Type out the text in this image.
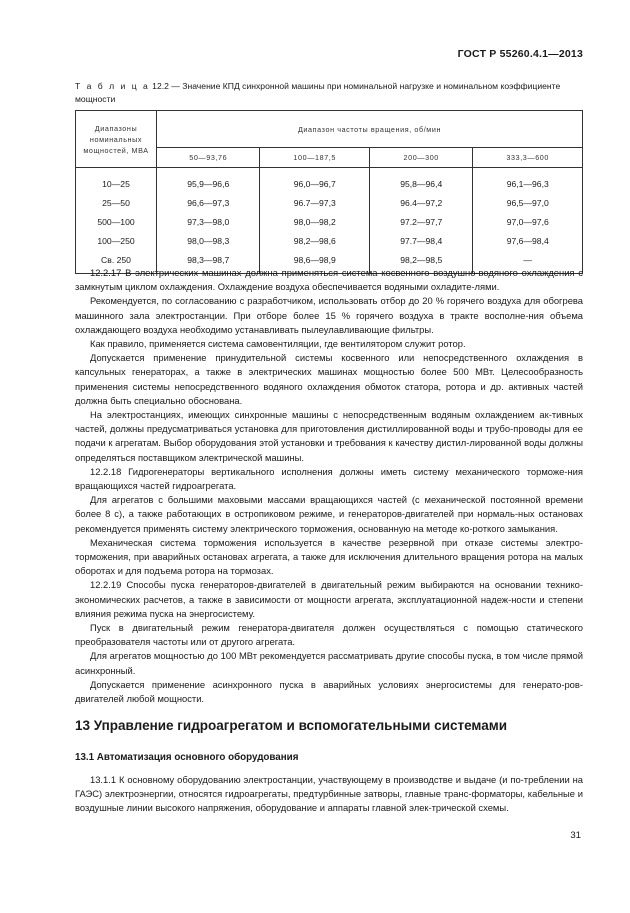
ГОСТ Р 55260.4.1—2013
Т а б л и ц а 12.2 — Значение КПД синхронной машины при номинальной нагрузке и номинальном коэффициенте мощности
Диапазоны номинальных мощностей, МВА	Диапазон частоты вращения, об/мин			
	50—93,76	100—187,5	200—300	333,3—600
10—25	95,9—96,6	96,0—96,7	95,8—96,4	96,1—96,3
25—50	96,6—97,3	96.7—97,3	96.4—97,2	96,5—97,0
500—100	97,3—98,0	98,0—98,2	97.2—97,7	97,0—97,6
100—250	98,0—98,3	98,2—98,6	97.7—98,4	97,6—98,4
Св. 250	98,3—98,7	98,6—98,9	98,2—98,5	—

12.2.17 В электрических машинах должна применяться система косвенного воздушно-водяного охлаждения с замкнутым циклом охлаждения. Охлаждение воздуха обеспечивается водяными охладите-лями.

Рекомендуется, по согласованию с разработчиком, использовать отбор до 20 % горячего воздуха для обогрева машинного зала электростанции. При отборе более 15 % горячего воздуха в тракте восполне-ния объема охлаждающего воздуха необходимо устанавливать пылеулавливающие фильтры.

Как правило, применяется система самовентиляции, где вентилятором служит ротор.

Допускается применение принудительной системы косвенного или непосредственного охлаждения в капсульных генераторах, а также в электрических машинах мощностью более 500 МВт. Целесообразность применения системы непосредственного водяного охлаждения обмоток статора, ротора и др. активных частей должна быть специально обоснована.

На электростанциях, имеющих синхронные машины с непосредственным водяным охлаждением ак-тивных частей, должны предусматриваться установка для приготовления дистиллированной воды и трубо-проводы для ее подачи к агрегатам. Выбор оборудования этой установки и требования к качеству дистил-лированной воды должны определяться поставщиком электрической машины.

12.2.18 Гидрогенераторы вертикального исполнения должны иметь систему механического торможе-ния вращающихся частей гидроагрегата.

Для агрегатов с большими маховыми массами вращающихся частей (с механической постоянной времени более 8 с), а также работающих в остропиковом режиме, и генераторов-двигателей при нормаль-ных остановах рекомендуется применять систему электрического торможения, основанную на методе ко-роткого замыкания.

Механическая система торможения используется в качестве резервной при отказе системы электро-торможения, при аварийных остановах агрегата, а также для исключения длительного вращения ротора на малых оборотах и для подъема ротора на тормозах.

12.2.19 Способы пуска генераторов-двигателей в двигательный режим выбираются на основании технико-экономических расчетов, а также в зависимости от мощности агрегата, эксплуатационной надеж-ности и степени влияния режима пуска на энергосистему.

Пуск в двигательный режим генератора-двигателя должен осуществляться с помощью статического преобразователя частоты или от другого агрегата.

Для агрегатов мощностью до 100 МВт рекомендуется рассматривать другие способы пуска, в том числе прямой асинхронный.

Допускается применение асинхронного пуска в аварийных условиях энергосистемы для генерато-ров-двигателей любой мощности.

13 Управление гидроагрегатом и вспомогательными системами
13.1 Автоматизация основного оборудования

13.1.1 К основному оборудованию электростанции, участвующему в производстве и выдаче (и по-треблении на ГАЭС) электроэнергии, относятся гидроагрегаты, предтурбинные затворы, главные транс-форматоры, кабельные и воздушные линии высокого напряжения, оборудование и аппараты главной элек-трической схемы.

31
